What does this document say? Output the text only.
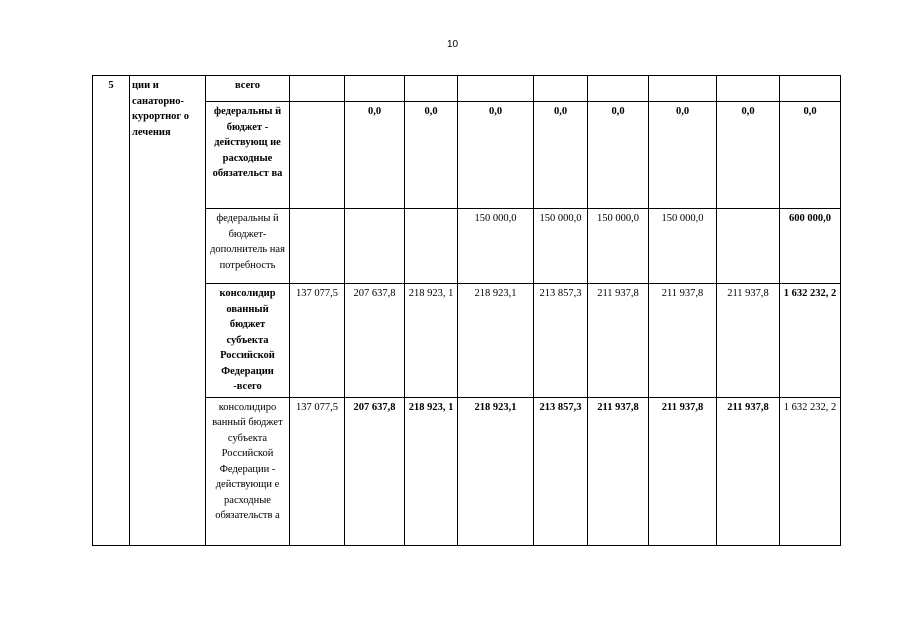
10
5	ции и санаторно-курортног о лечения	всего									
		федеральны й бюджет - действующ ие расходные обязательст ва		0,0	0,0	0,0	0,0	0,0	0,0	0,0	0,0
		федеральны й бюджет- дополнитель ная потребность				150 000,0	150 000,0	150 000,0	150 000,0		600 000,0
		консолидир ованный бюджет субъекта Российской Федерации -всего	137 077,5	207 637,8	218 923, 1	218 923,1	213 857,3	211 937,8	211 937,8	211 937,8	1 632 232, 2
		консолидиро ванный бюджет субъекта Российской Федерации - действующи е расходные обязательств а	137 077,5	207 637,8	218 923, 1	218 923,1	213 857,3	211 937,8	211 937,8	211 937,8	1 632 232, 2
